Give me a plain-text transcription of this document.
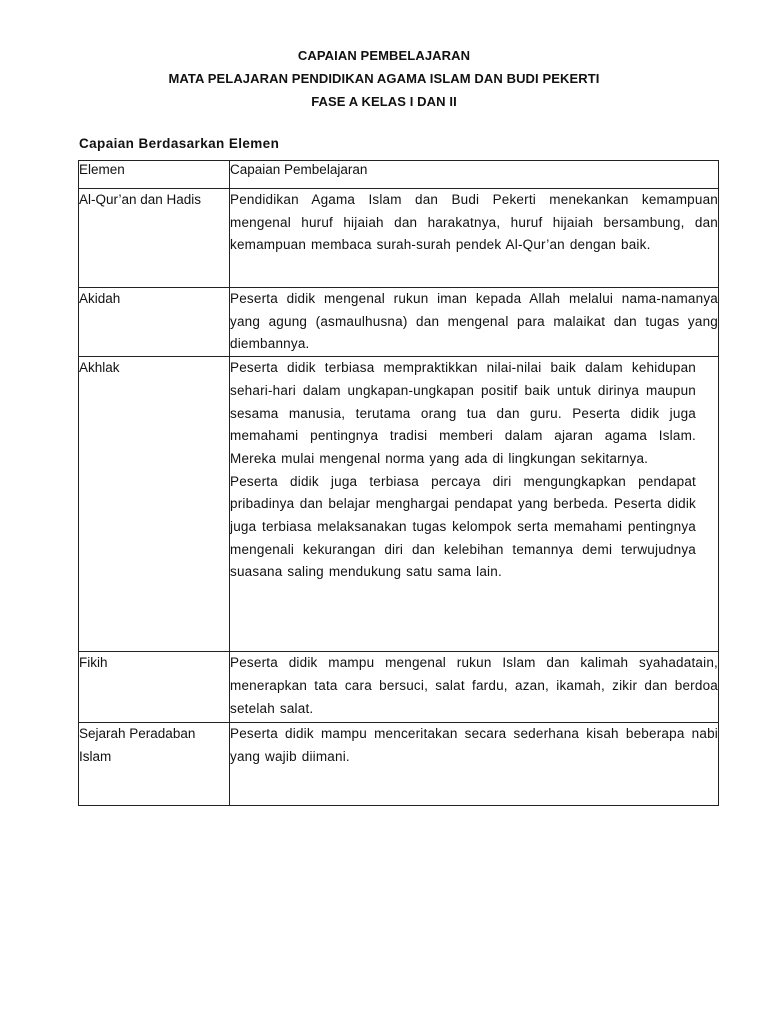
CAPAIAN PEMBELAJARAN
MATA PELAJARAN PENDIDIKAN AGAMA ISLAM DAN BUDI PEKERTI
FASE A KELAS I DAN II
Capaian Berdasarkan Elemen
Elemen	Capaian Pembelajaran
Al-Qur’an dan Hadis	Pendidikan Agama Islam dan Budi Pekerti menekankan kemampuan mengenal huruf hijaiah dan harakatnya, huruf hijaiah bersambung, dan kemampuan membaca surah-surah pendek Al-Qur’an dengan baik.

Akidah	Peserta didik mengenal rukun iman kepada Allah melalui nama-namanya yang agung (asmaulhusna) dan mengenal para malaikat dan tugas yang diembannya.

Akhlak	Peserta didik terbiasa mempraktikkan nilai-nilai baik dalam kehidupan sehari-hari dalam ungkapan-ungkapan positif baik untuk dirinya maupun sesama manusia, terutama orang tua dan guru. Peserta didik juga memahami pentingnya tradisi memberi dalam ajaran agama Islam. Mereka mulai mengenal norma yang ada di lingkungan sekitarnya.

Peserta didik juga terbiasa percaya diri mengungkapkan pendapat pribadinya dan belajar menghargai pendapat yang berbeda. Peserta didik juga terbiasa melaksanakan tugas kelompok serta memahami pentingnya mengenali kekurangan diri dan kelebihan temannya demi terwujudnya suasana saling mendukung satu sama lain.

Fikih	Peserta didik mampu mengenal rukun Islam dan kalimah syahadatain, menerapkan tata cara bersuci, salat fardu, azan, ikamah, zikir dan berdoa setelah salat.

Sejarah Peradaban Islam	Peserta didik mampu menceritakan secara sederhana kisah beberapa nabi yang wajib diimani.
